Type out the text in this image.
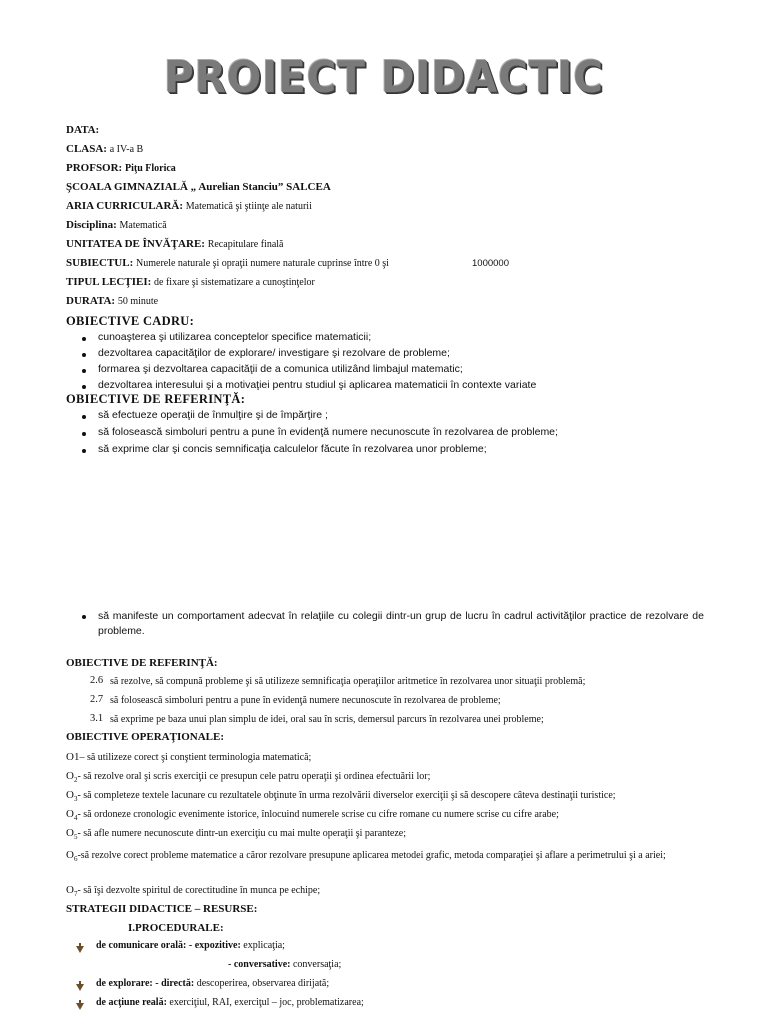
PROIECT DIDACTIC
DATA:
CLASA: a IV-a B
PROFSOR: Piţu Florica
ŞCOALA GIMNAZIALĂ „ Aurelian Stanciu” SALCEA
ARIA CURRICULARĂ: Matematică şi ştiinţe ale naturii
Disciplina: Matematică
UNITATEA DE ÎNVĂŢARE: Recapitulare finală
SUBIECTUL: Numerele naturale şi opraţii numere naturale cuprinse între 0 şi	1000000
TIPUL LECŢIEI: de fixare şi sistematizare a cunoştinţelor
DURATA: 50 minute
OBIECTIVE CADRU:
cunoaşterea şi utilizarea conceptelor specifice matematicii;
dezvoltarea capacităţilor de explorare/ investigare şi rezolvare de probleme;
formarea şi dezvoltarea capacităţii de a comunica utilizând limbajul matematic;
dezvoltarea interesului şi a motivaţiei pentru studiul şi aplicarea matematicii în contexte variate
OBIECTIVE DE REFERINŢĂ:
să efectueze operaţii de înmulţire şi de împărţire ;
să folosească simboluri pentru a pune în evidenţă numere necunoscute în rezolvarea de probleme;
să exprime clar şi concis semnificaţia calculelor făcute în rezolvarea unor probleme;
să manifeste un comportament adecvat în relaţiile cu colegii dintr-un grup de lucru în cadrul activităţilor practice de rezolvare de probleme.
OBIECTIVE DE REFERINŢĂ:
2.6 să rezolve, să compună probleme şi să utilizeze semnificaţia operaţiilor aritmetice în rezolvarea unor situaţii problemă;
2.7 să folosească simboluri pentru a pune în evidenţă numere necunoscute în rezolvarea de probleme;
3.1 să exprime pe baza unui plan simplu de idei, oral sau în scris, demersul parcurs în rezolvarea unei probleme;
OBIECTIVE OPERAŢIONALE:
O1– să utilizeze corect şi conştient terminologia matematică;
$O_2-$ să rezolve oral şi scris exerciţii ce presupun cele patru operaţii şi ordinea efectuării lor;
$O_3-$ să completeze textele lacunare cu rezultatele obţinute în urma rezolvării diverselor exerciţii şi să descopere câteva destinaţii turistice;
$O_4-$ să ordoneze cronologic evenimente istorice, înlocuind numerele scrise cu cifre romane cu numere scrise cu cifre arabe;
$O_5-$ să afle numere necunoscute dintr-un exerciţiu cu mai multe operaţii şi paranteze;
$O_6-să$ rezolve corect probleme matematice a căror rezolvare presupune aplicarea metodei grafic, metoda comparaţiei şi aflare a perimetrului şi a ariei;
$O_7-$ să îşi dezvolte spiritul de corectitudine în munca pe echipe;
STRATEGII DIDACTICE – RESURSE:
I.PROCEDURALE:
de comunicare orală: - expozitive: explicaţia;
- conversative: conversaţia;
de explorare: - directă: descoperirea, observarea dirijată;
de acţiune reală: exerciţiul, RAI, exerciţul – joc, problematizarea;
